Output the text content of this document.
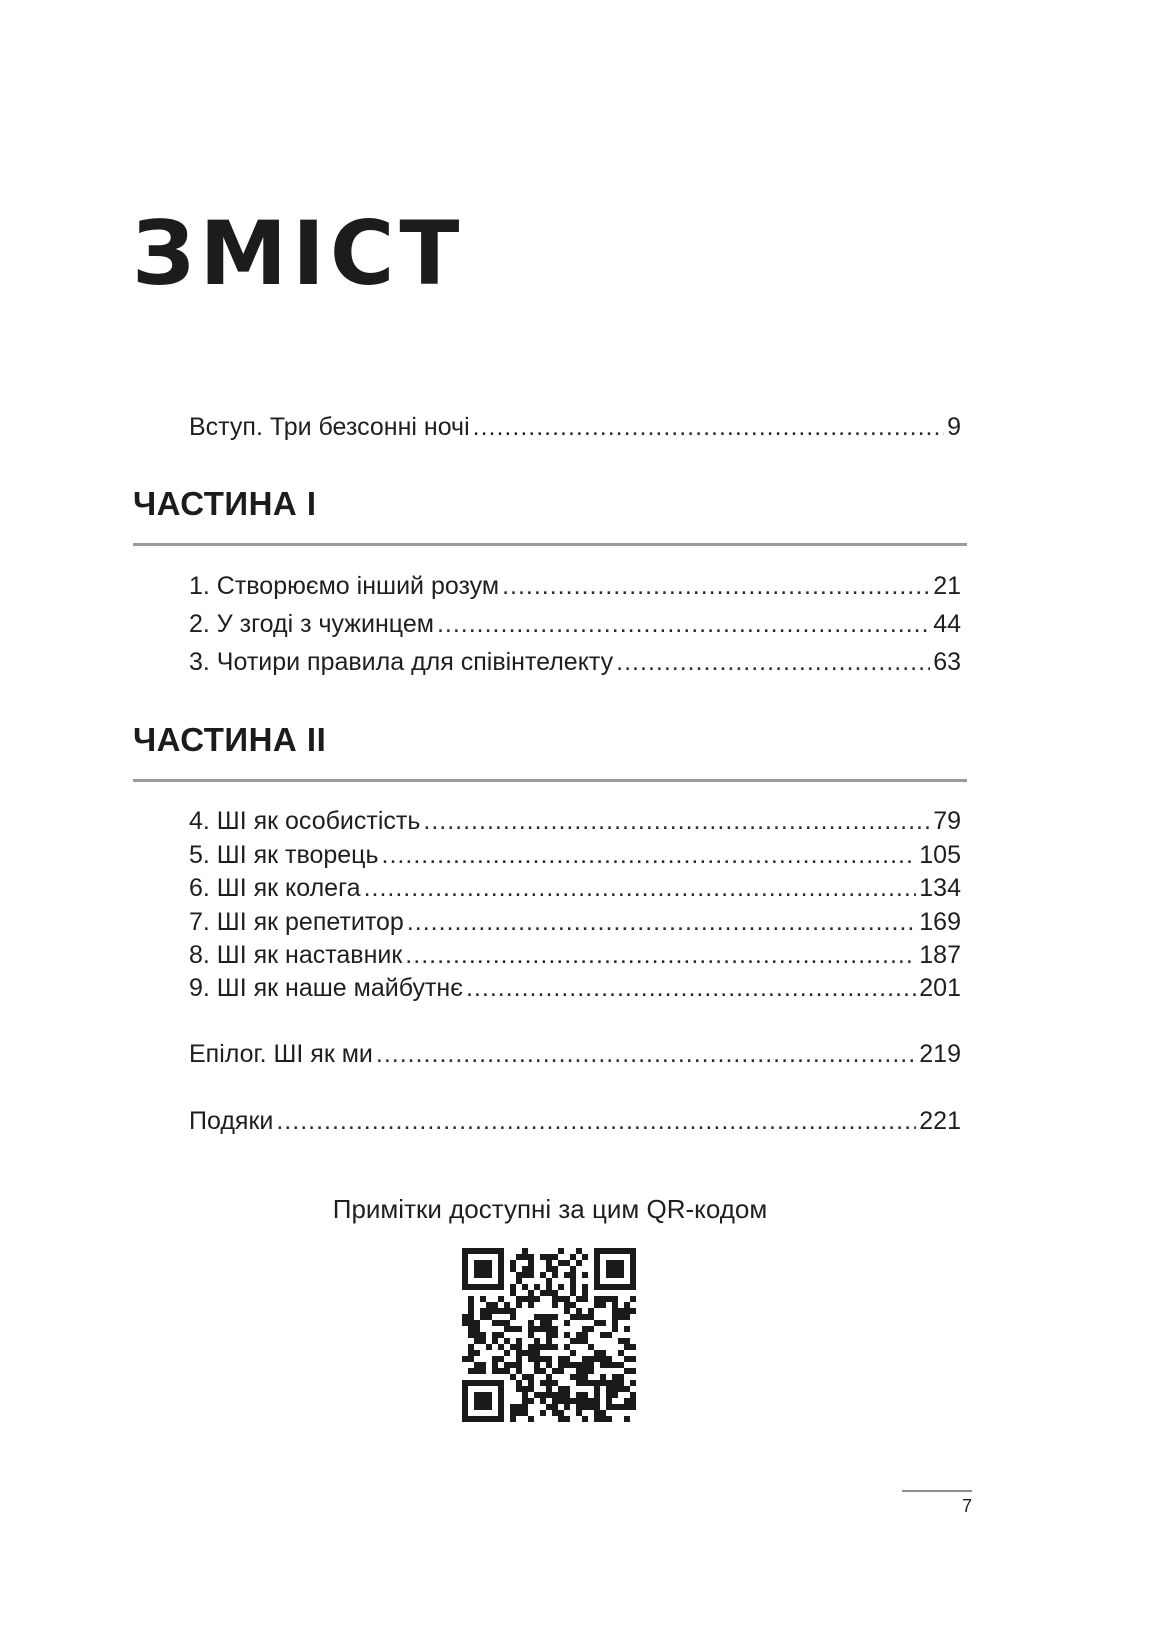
ЗМІСТ
Вступ. Три безсонні ночі .....	9
ЧАСТИНА I
1. Створюємо інший розум .....	21
2. У згоді з чужинцем .....	44
3. Чотири правила для співінтелекту .....	63
ЧАСТИНА II
4. ШІ як особистість .....	79
5. ШІ як творець .....	105
6. ШІ як колега .....	134
7. ШІ як репетитор .....	169
8. ШІ як наставник .....	187
9. ШІ як наше майбутнє .....	201
Епілог. ШІ як ми .....	219
Подяки .....	221
Примітки доступні за цим QR-кодом
7
